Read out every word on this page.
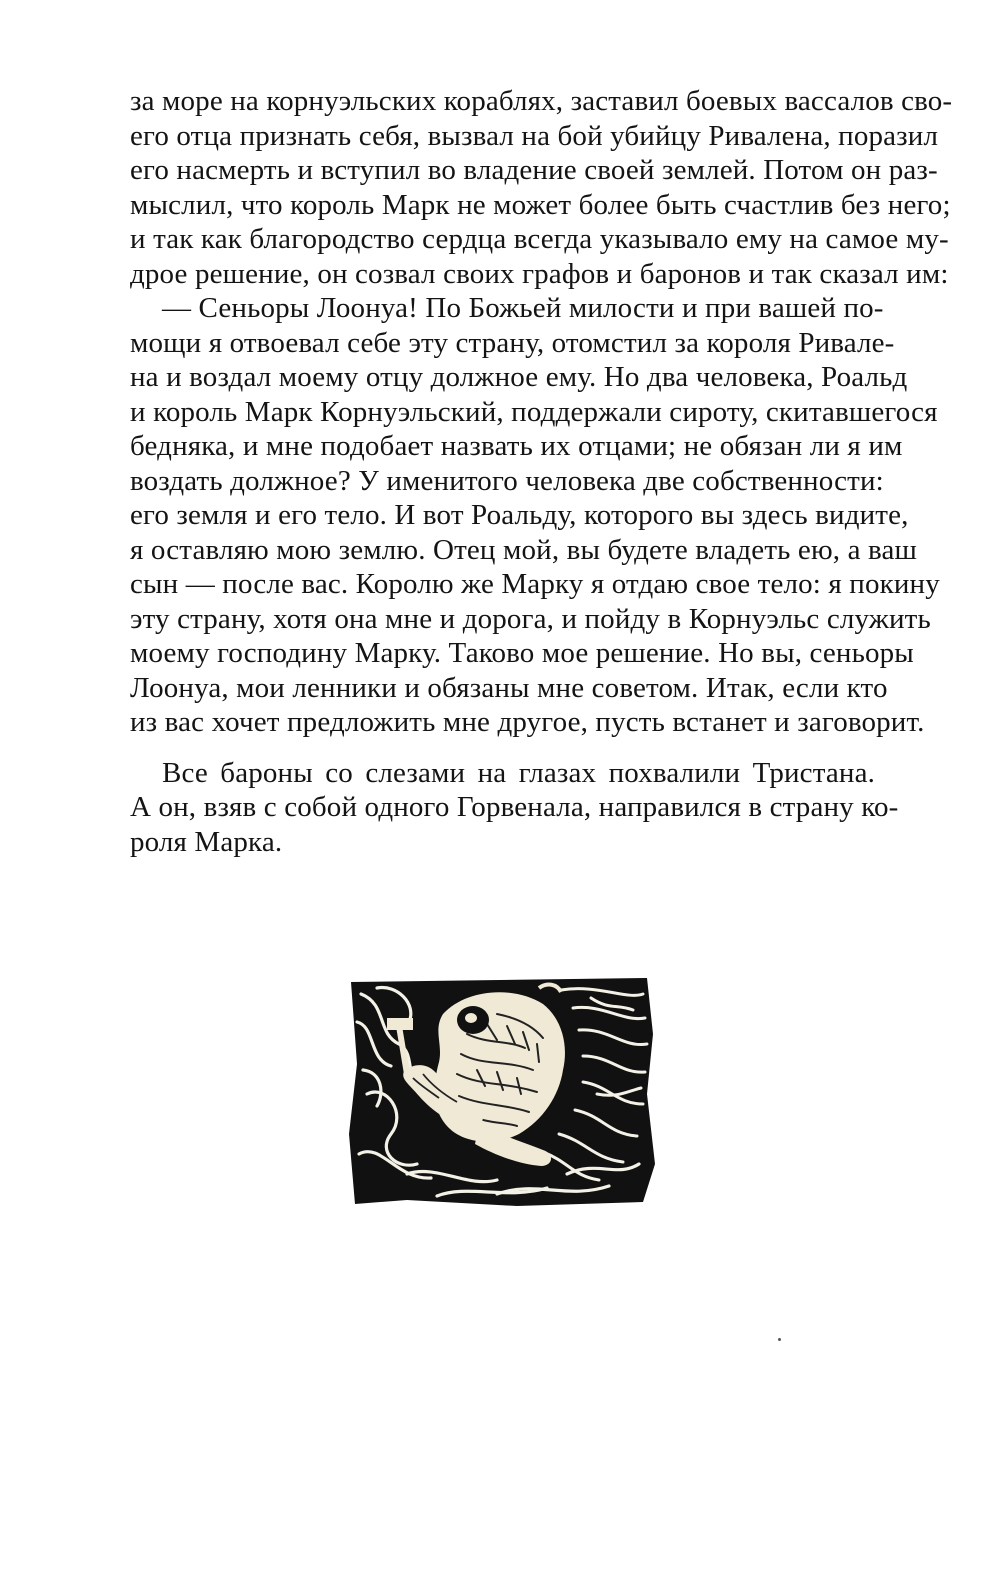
за море на корнуэльских кораблях, заставил боевых вассалов сво-
его отца признать себя, вызвал на бой убийцу Ривалена, поразил
его насмерть и вступил во владение своей землей. Потом он раз-
мыслил, что король Марк не может более быть счастлив без него;
и так как благородство сердца всегда указывало ему на самое му-
дрое решение, он созвал своих графов и баронов и так сказал им:
— Сеньоры Лоонуа! По Божьей милости и при вашей по-
мощи я отвоевал себе эту страну, отомстил за короля Ривале-
на и воздал моему отцу должное ему. Но два человека, Роальд
и король Марк Корнуэльский, поддержали сироту, скитавшегося
бедняка, и мне подобает назвать их отцами; не обязан ли я им
воздать должное? У именитого человека две собственности:
его земля и его тело. И вот Роальду, которого вы здесь видите,
я оставляю мою землю. Отец мой, вы будете владеть ею, а ваш
сын — после вас. Королю же Марку я отдаю свое тело: я покину
эту страну, хотя она мне и дорога, и пойду в Корнуэльс служить
моему господину Марку. Таково мое решение. Но вы, сеньоры
Лоонуа, мои ленники и обязаны мне советом. Итак, если кто
из вас хочет предложить мне другое, пусть встанет и заговорит.
Все бароны со слезами на глазах похвалили Тристана.
А он, взяв с собой одного Горвенала, направился в страну ко-
роля Марка.
